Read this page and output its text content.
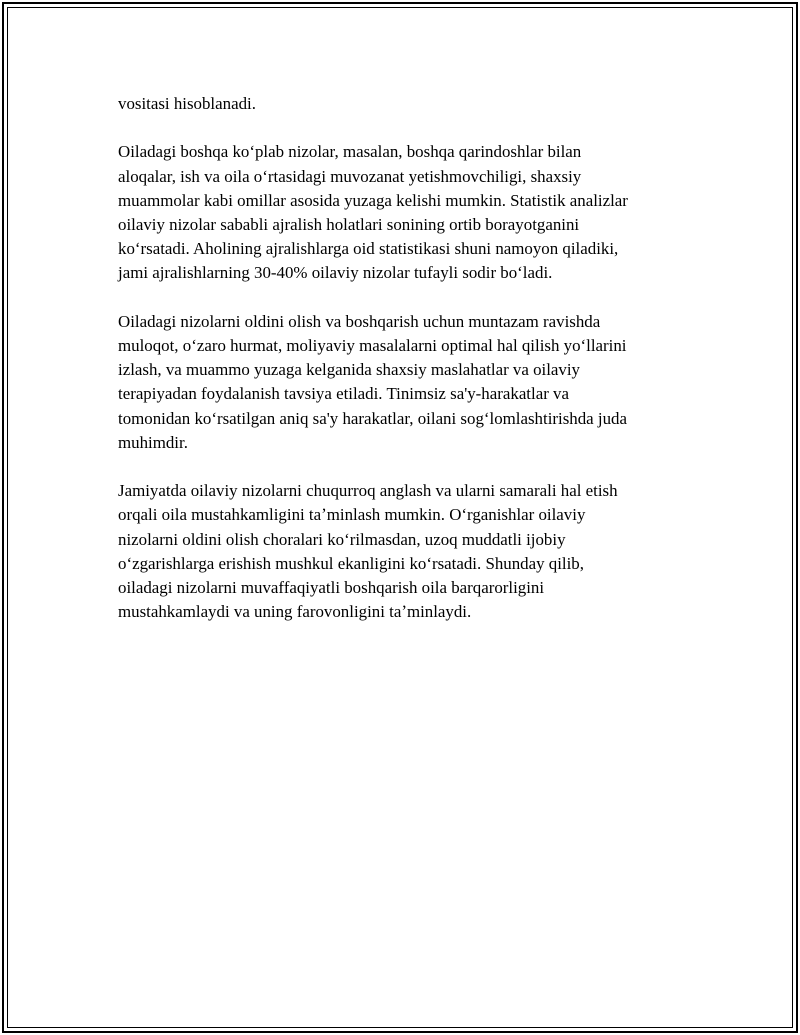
vositasi hisoblanadi.

Oiladagi boshqa koʻplab nizolar, masalan, boshqa qarindoshlar bilan
aloqalar, ish va oila oʻrtasidagi muvozanat yetishmovchiligi, shaxsiy
muammolar kabi omillar asosida yuzaga kelishi mumkin. Statistik analizlar
oilaviy nizolar sababli ajralish holatlari sonining ortib borayotganini
koʻrsatadi. Aholining ajralishlarga oid statistikasi shuni namoyon qiladiki,
jami ajralishlarning 30-40% oilaviy nizolar tufayli sodir boʻladi.

Oiladagi nizolarni oldini olish va boshqarish uchun muntazam ravishda
muloqot, oʻzaro hurmat, moliyaviy masalalarni optimal hal qilish yoʻllarini
izlash, va muammo yuzaga kelganida shaxsiy maslahatlar va oilaviy
terapiyadan foydalanish tavsiya etiladi. Tinimsiz sa'y-harakatlar va
tomonidan koʻrsatilgan aniq sa'y harakatlar, oilani sogʻlomlashtirishda juda
muhimdir.

Jamiyatda oilaviy nizolarni chuqurroq anglash va ularni samarali hal etish
orqali oila mustahkamligini taʼminlash mumkin. Oʻrganishlar oilaviy
nizolarni oldini olish choralari koʻrilmasdan, uzoq muddatli ijobiy
oʻzgarishlarga erishish mushkul ekanligini koʻrsatadi. Shunday qilib,
oiladagi nizolarni muvaffaqiyatli boshqarish oila barqarorligini
mustahkamlaydi va uning farovonligini taʼminlaydi.
